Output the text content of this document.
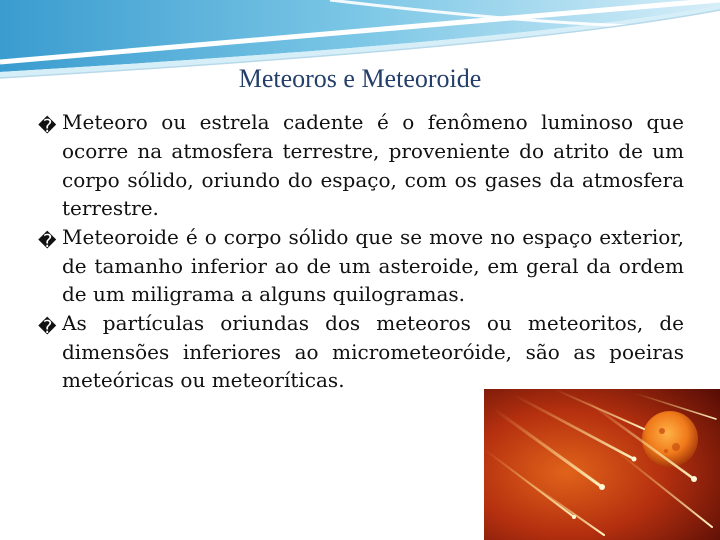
Meteoros e Meteoroide

� Meteoro ou estrela cadente é o fenômeno luminoso que ocorre na atmosfera terrestre, proveniente do atrito de um corpo sólido, oriundo do espaço, com os gases da atmosfera terrestre.

� Meteoroide é o corpo sólido que se move no espaço exterior, de tamanho inferior ao de um asteroide, em geral da ordem de um miligrama a alguns quilogramas.

� As partículas oriundas dos meteoros ou meteoritos, de dimensões inferiores ao micrometeoróide, são as poeiras meteóricas ou meteoríticas.
